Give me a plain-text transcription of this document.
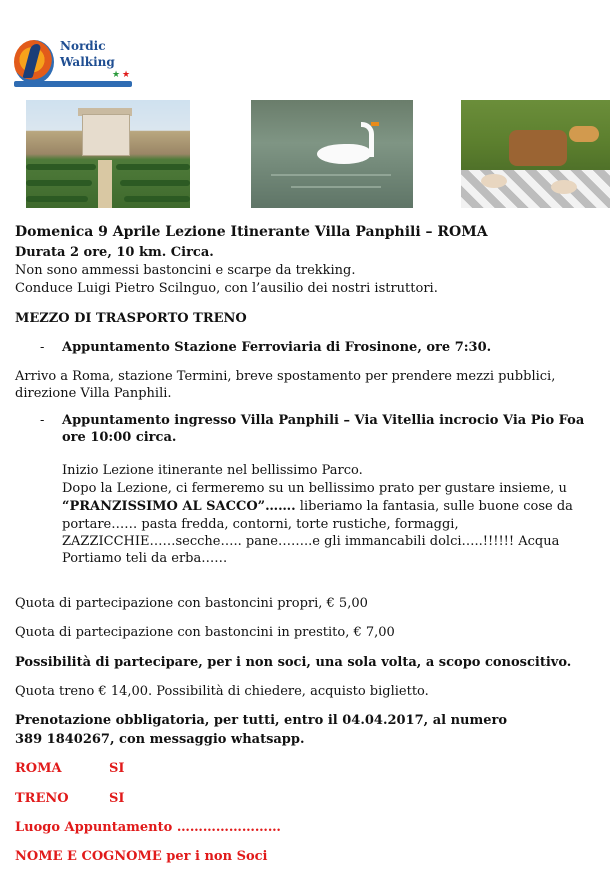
Nordic
Walking
★ ★
Domenica 9 Aprile Lezione Itinerante Villa Panphili – ROMA
Durata 2 ore, 10 km. Circa.
Non sono ammessi bastoncini e scarpe da trekking.
Conduce Luigi Pietro Scilnguo, con l’ausilio dei nostri istruttori.
MEZZO DI TRASPORTO TRENO
- Appuntamento Stazione Ferroviaria di Frosinone, ore 7:30.
Arrivo a Roma, stazione Termini, breve spostamento per prendere mezzi pubblici,
direzione Villa Panphili.
- Appuntamento ingresso Villa Panphili – Via Vitellia incrocio Via Pio Foa
ore 10:00 circa.
Inizio Lezione itinerante nel bellissimo Parco.
Dopo la Lezione, ci fermeremo su un bellissimo prato per gustare insieme, u
“PRANZISSIMO AL SACCO”……. liberiamo la fantasia, sulle buone cose da
portare…… pasta fredda, contorni, torte rustiche, formaggi,
ZAZZICCHIE……secche….. pane……..e gli immancabili dolci…..!!!!!! Acqua
Portiamo teli da erba……
Quota di partecipazione con bastoncini propri, € 5,00
Quota di partecipazione con bastoncini in prestito, € 7,00
Possibilità di partecipare, per i non soci, una sola volta, a scopo conoscitivo.
Quota treno € 14,00. Possibilità di chiedere, acquisto biglietto.
Prenotazione obbligatoria, per tutti, entro il 04.04.2017, al numero
389 1840267, con messaggio whatsapp.
ROMA	SI
TRENO	SI
Luogo Appuntamento ……………………
NOME E COGNOME per i non Soci
